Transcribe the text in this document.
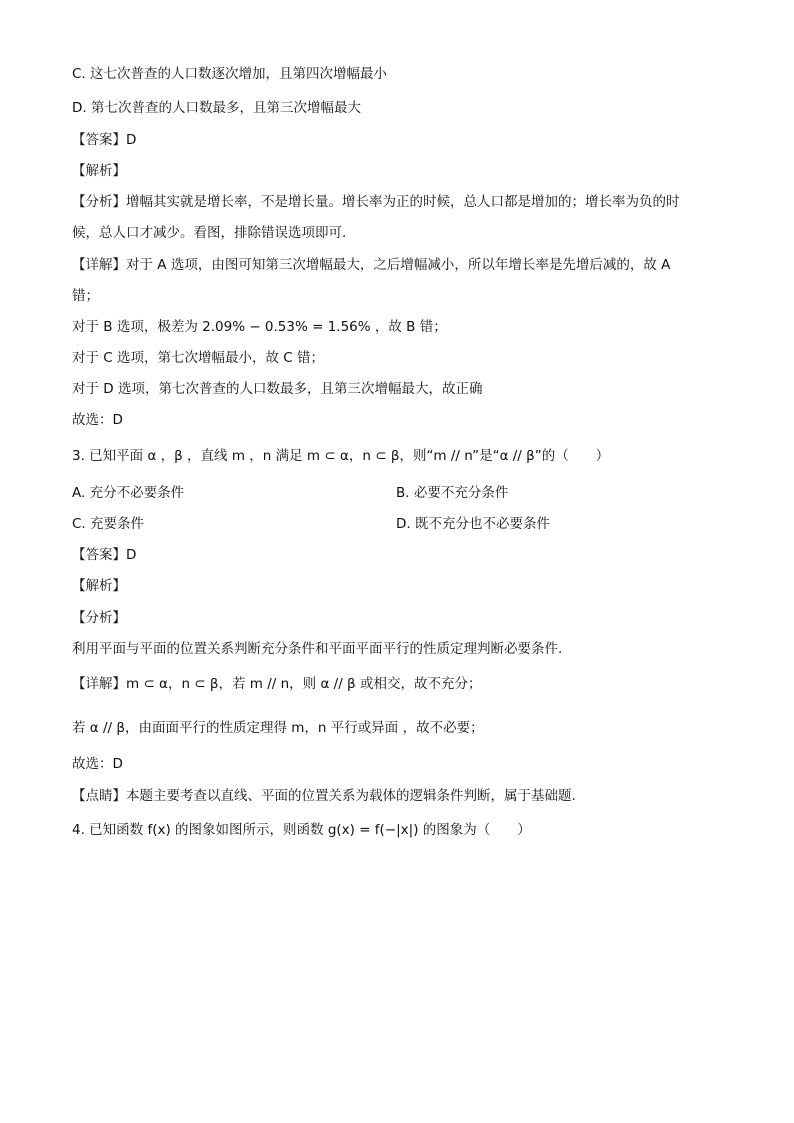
C. 这七次普查的人口数逐次增加，且第四次增幅最小
D. 第七次普查的人口数最多，且第三次增幅最大
【答案】D
【解析】
【分析】增幅其实就是增长率，不是增长量。增长率为正的时候，总人口都是增加的；增长率为负的时
候，总人口才减少。看图，排除错误选项即可.
【详解】对于 A 选项，由图可知第三次增幅最大，之后增幅减小，所以年增长率是先增后减的，故 A
错；
对于 B 选项，极差为 2.09% − 0.53% = 1.56% ，故 B 错；
对于 C 选项，第七次增幅最小，故 C 错；
对于 D 选项，第七次普查的人口数最多，且第三次增幅最大，故正确
故选：D
3. 已知平面 α ，β ，直线 m ，n 满足 m ⊂ α，n ⊂ β，则“m // n”是“α // β”的（　　）
A. 充分不必要条件	B. 必要不充分条件
C. 充要条件	D. 既不充分也不必要条件
【答案】D
【解析】
【分析】
利用平面与平面的位置关系判断充分条件和平面平面平行的性质定理判断必要条件.
【详解】m ⊂ α，n ⊂ β，若 m // n，则 α // β 或相交，故不充分；
若 α // β，由面面平行的性质定理得 m，n 平行或异面 ，故不必要；
故选：D
【点睛】本题主要考查以直线、平面的位置关系为载体的逻辑条件判断，属于基础题.
4. 已知函数 f(x) 的图象如图所示，则函数 g(x) = f(−|x|) 的图象为（　　）
